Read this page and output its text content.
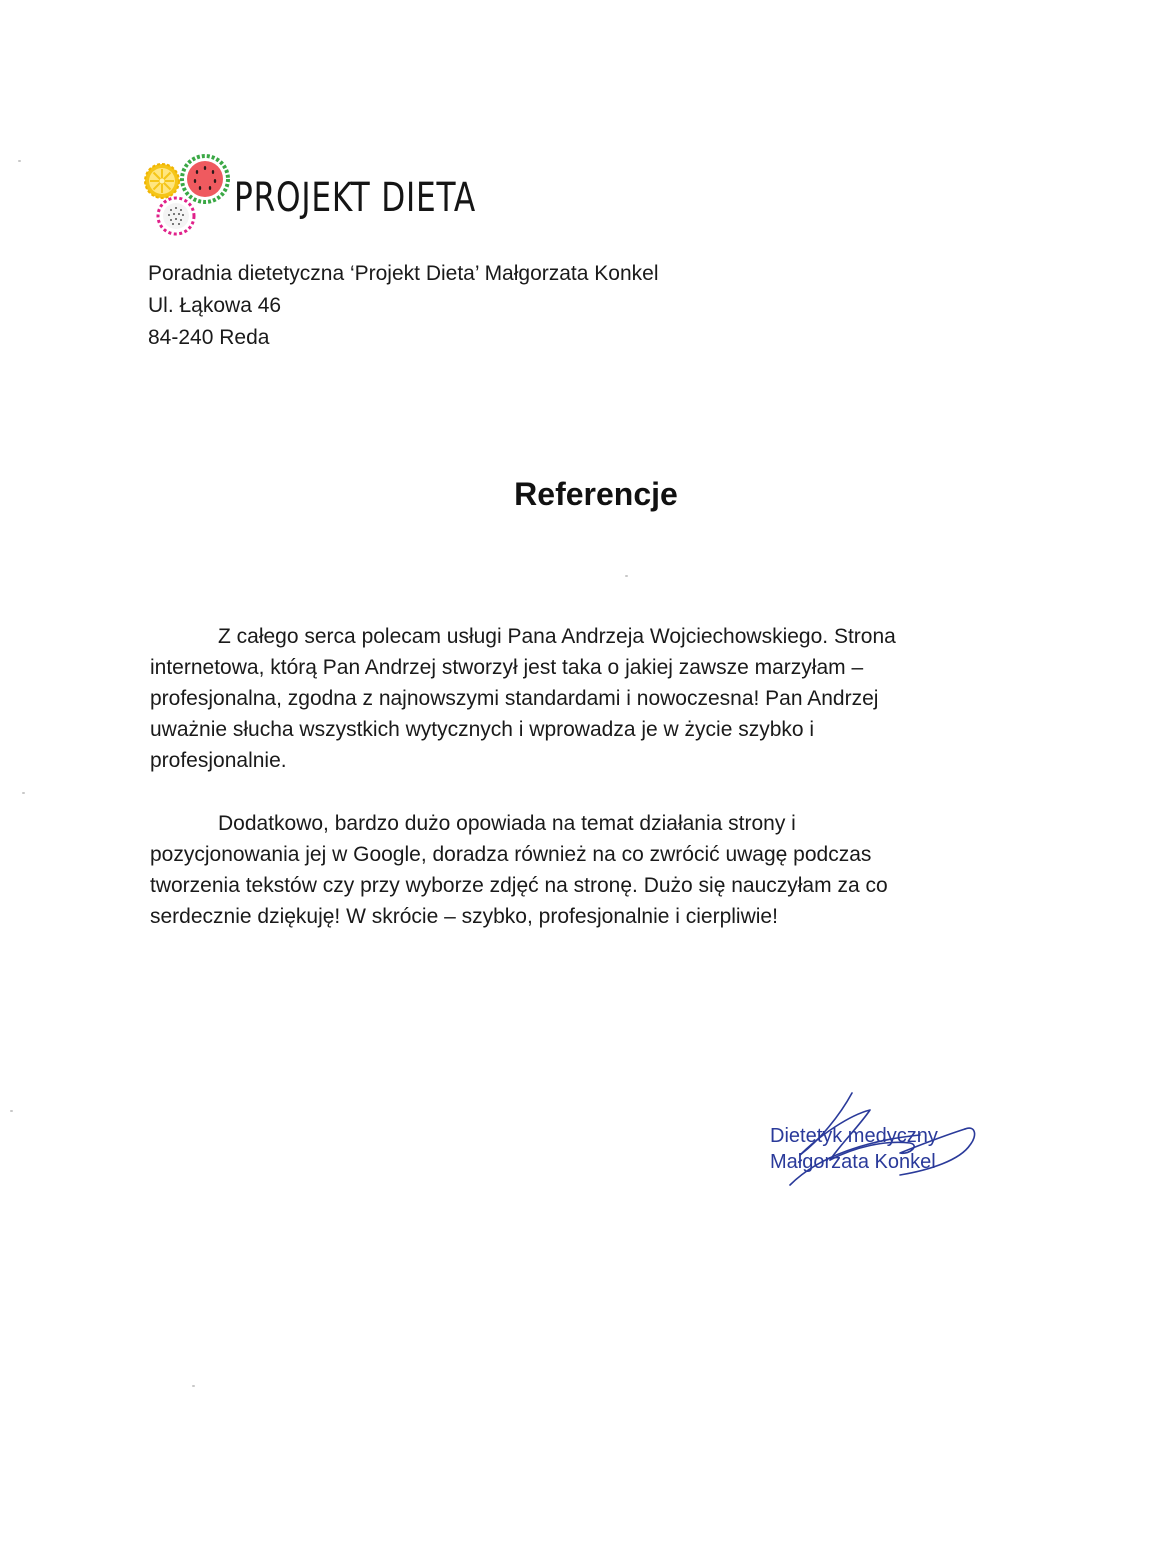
PROJEKT DIETA
Poradnia dietetyczna ‘Projekt Dieta’ Małgorzata Konkel
Ul. Łąkowa 46
84-240 Reda
Referencje

Z całego serca polecam usługi Pana Andrzeja Wojciechowskiego. Strona
internetowa, którą Pan Andrzej stworzył jest taka o jakiej zawsze marzyłam –
profesjonalna, zgodna z najnowszymi standardami i nowoczesna! Pan Andrzej
uważnie słucha wszystkich wytycznych i wprowadza je w życie szybko i
profesjonalnie.

Dodatkowo, bardzo dużo opowiada na temat działania strony i
pozycjonowania jej w Google, doradza również na co zwrócić uwagę podczas
tworzenia tekstów czy przy wyborze zdjęć na stronę. Dużo się nauczyłam za co
serdecznie dziękuję! W skrócie – szybko, profesjonalnie i cierpliwie!

Dietetyk medyczny
Małgorzata Konkel
